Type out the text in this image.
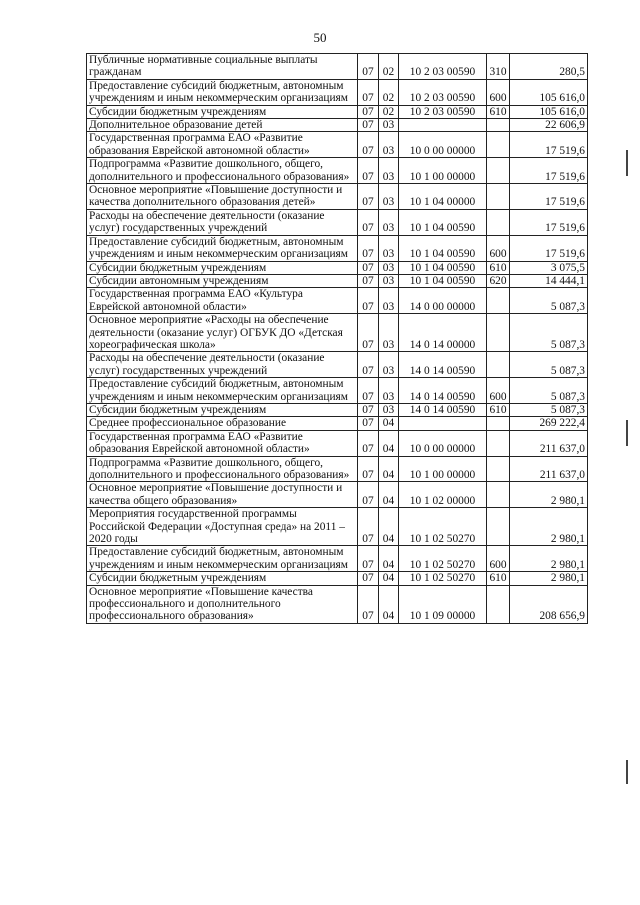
50
Публичные нормативные социальные выплаты гражданам	07	02	10 2 03 00590	310	280,5
Предоставление субсидий бюджетным, автономным учреждениям и иным некоммерческим организациям	07	02	10 2 03 00590	600	105 616,0
Субсидии бюджетным учреждениям	07	02	10 2 03 00590	610	105 616,0
Дополнительное образование детей	07	03			22 606,9
Государственная программа ЕАО «Развитие образования Еврейской автономной области»	07	03	10 0 00 00000		17 519,6
Подпрограмма «Развитие дошкольного, общего, дополнительного и профессионального образования»	07	03	10 1 00 00000		17 519,6
Основное мероприятие «Повышение доступности и качества дополнительного образования детей»	07	03	10 1 04 00000		17 519,6
Расходы на обеспечение деятельности (оказание услуг) государственных учреждений	07	03	10 1 04 00590		17 519,6
Предоставление субсидий бюджетным, автономным учреждениям и иным некоммерческим организациям	07	03	10 1 04 00590	600	17 519,6
Субсидии бюджетным учреждениям	07	03	10 1 04 00590	610	3 075,5
Субсидии автономным учреждениям	07	03	10 1 04 00590	620	14 444,1
Государственная программа ЕАО «Культура Еврейской автономной области»	07	03	14 0 00 00000		5 087,3
Основное мероприятие «Расходы на обеспечение деятельности (оказание услуг) ОГБУК ДО «Детская хореографическая школа»	07	03	14 0 14 00000		5 087,3
Расходы на обеспечение деятельности (оказание услуг) государственных учреждений	07	03	14 0 14 00590		5 087,3
Предоставление субсидий бюджетным, автономным учреждениям и иным некоммерческим организациям	07	03	14 0 14 00590	600	5 087,3
Субсидии бюджетным учреждениям	07	03	14 0 14 00590	610	5 087,3
Среднее профессиональное образование	07	04			269 222,4
Государственная программа ЕАО «Развитие образования Еврейской автономной области»	07	04	10 0 00 00000		211 637,0
Подпрограмма «Развитие дошкольного, общего, дополнительного и профессионального образования»	07	04	10 1 00 00000		211 637,0
Основное мероприятие «Повышение доступности и качества общего образования»	07	04	10 1 02 00000		2 980,1
Мероприятия государственной программы Российской Федерации «Доступная среда» на 2011 – 2020 годы	07	04	10 1 02 50270		2 980,1
Предоставление субсидий бюджетным, автономным учреждениям и иным некоммерческим организациям	07	04	10 1 02 50270	600	2 980,1
Субсидии бюджетным учреждениям	07	04	10 1 02 50270	610	2 980,1
Основное мероприятие «Повышение качества профессионального и дополнительного профессионального образования»	07	04	10 1 09 00000		208 656,9
